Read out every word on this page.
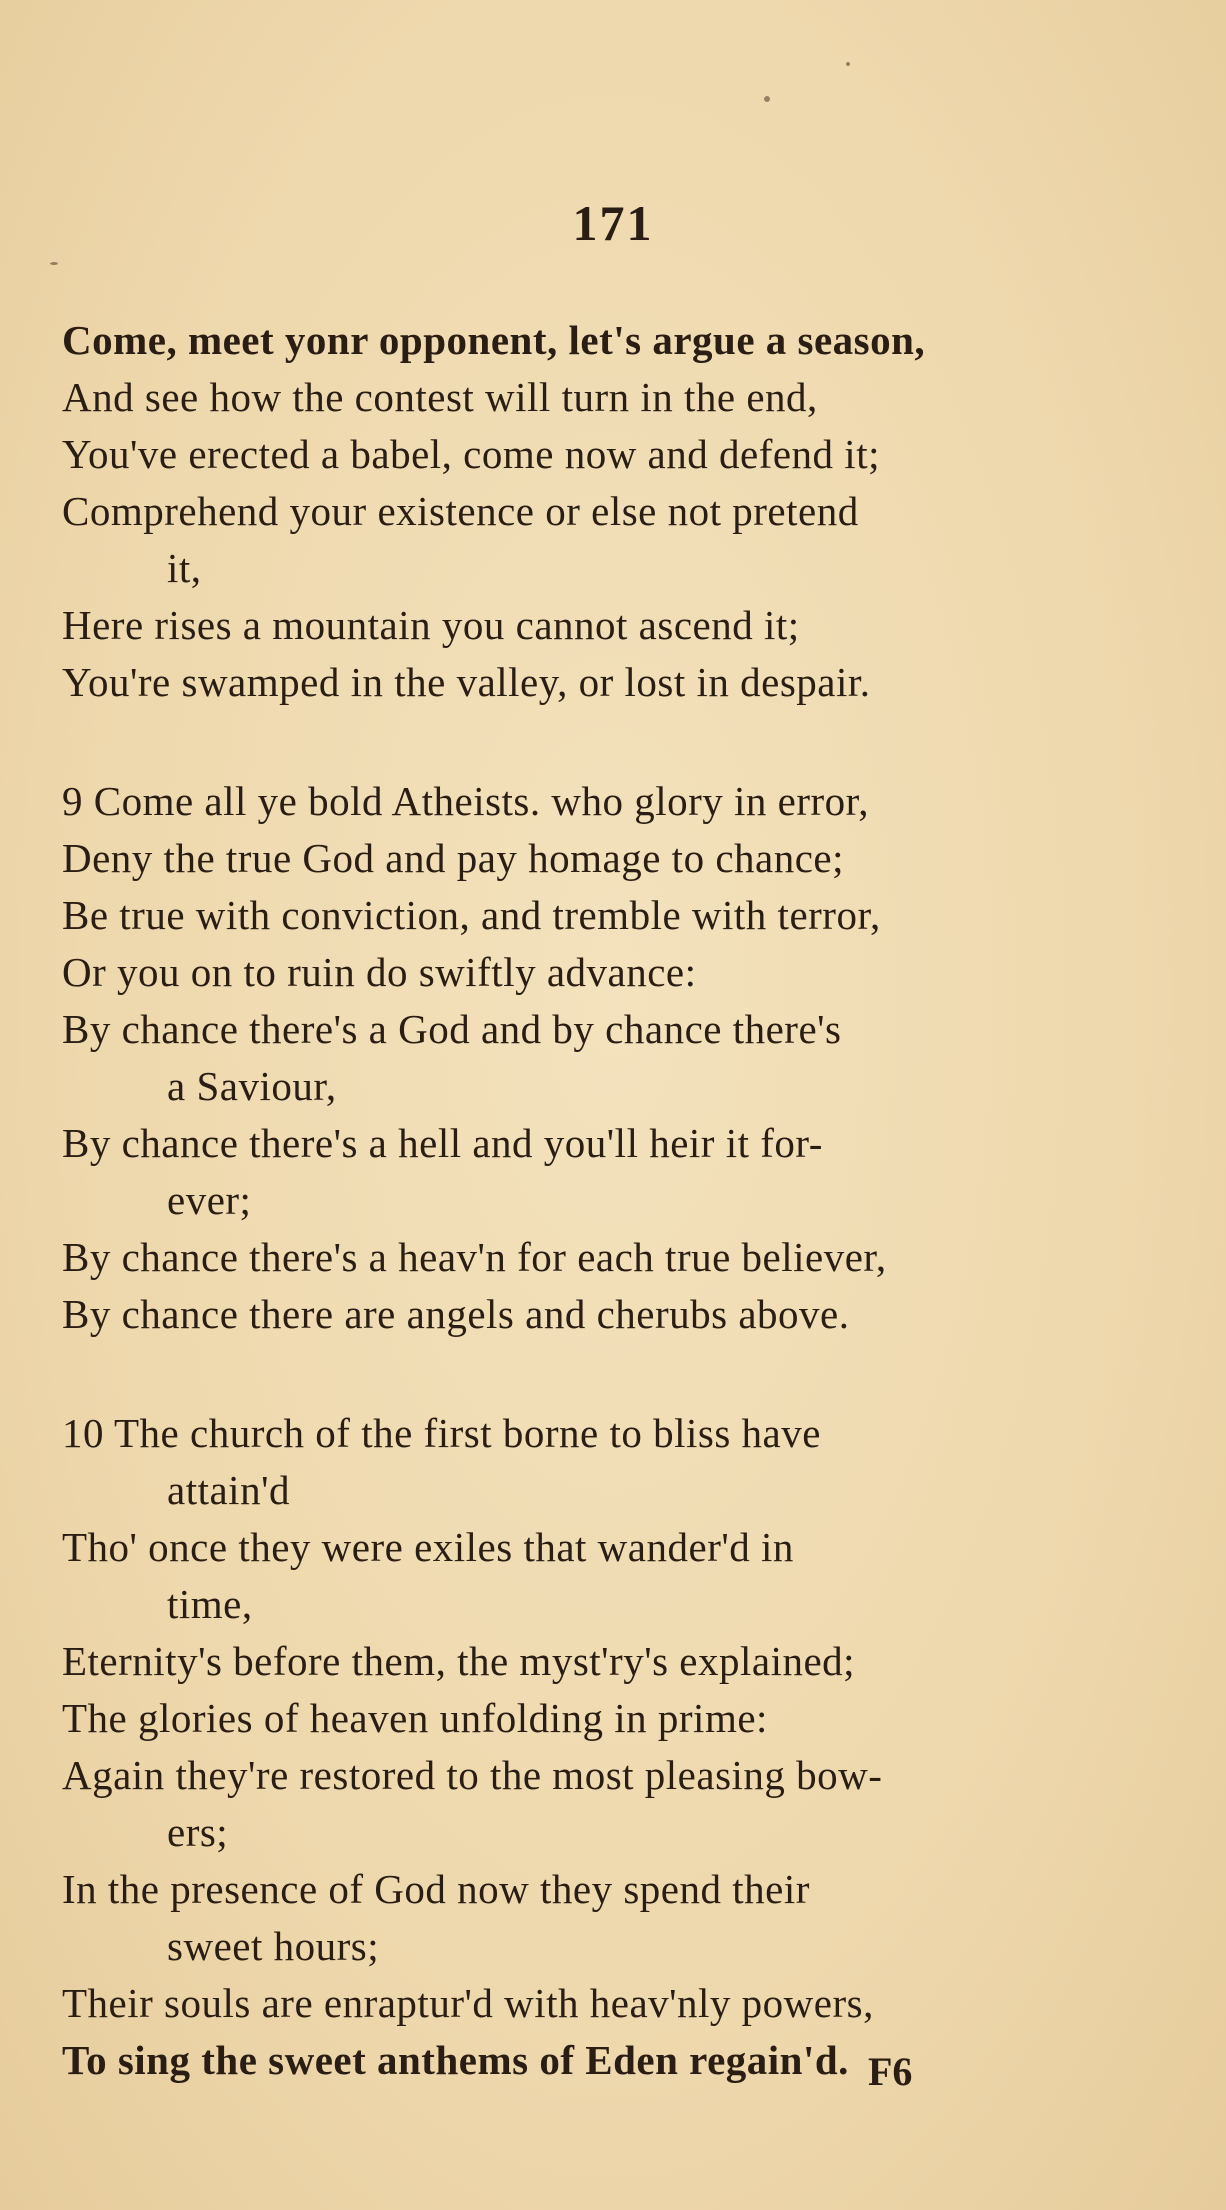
171
Come, meet yonr opponent, let's argue a season,
And see how the contest will turn in the end,
You've erected a babel, come now and defend it;
Comprehend your existence or else not pretend
it,
Here rises a mountain you cannot ascend it;
You're swamped in the valley, or lost in despair.
9 Come all ye bold Atheists. who glory in error,
Deny the true God and pay homage to chance;
Be true with conviction, and tremble with terror,
Or you on to ruin do swiftly advance:
By chance there's a God and by chance there's
a Saviour,
By chance there's a hell and you'll heir it for-
ever;
By chance there's a heav'n for each true believer,
By chance there are angels and cherubs above.
10 The church of the first borne to bliss have
attain'd
Tho' once they were exiles that wander'd in
time,
Eternity's before them, the myst'ry's explained;
The glories of heaven unfolding in prime:
Again they're restored to the most pleasing bow-
ers;
In the presence of God now they spend their
sweet hours;
Their souls are enraptur'd with heav'nly powers,
To sing the sweet anthems of Eden regain'd. F6
